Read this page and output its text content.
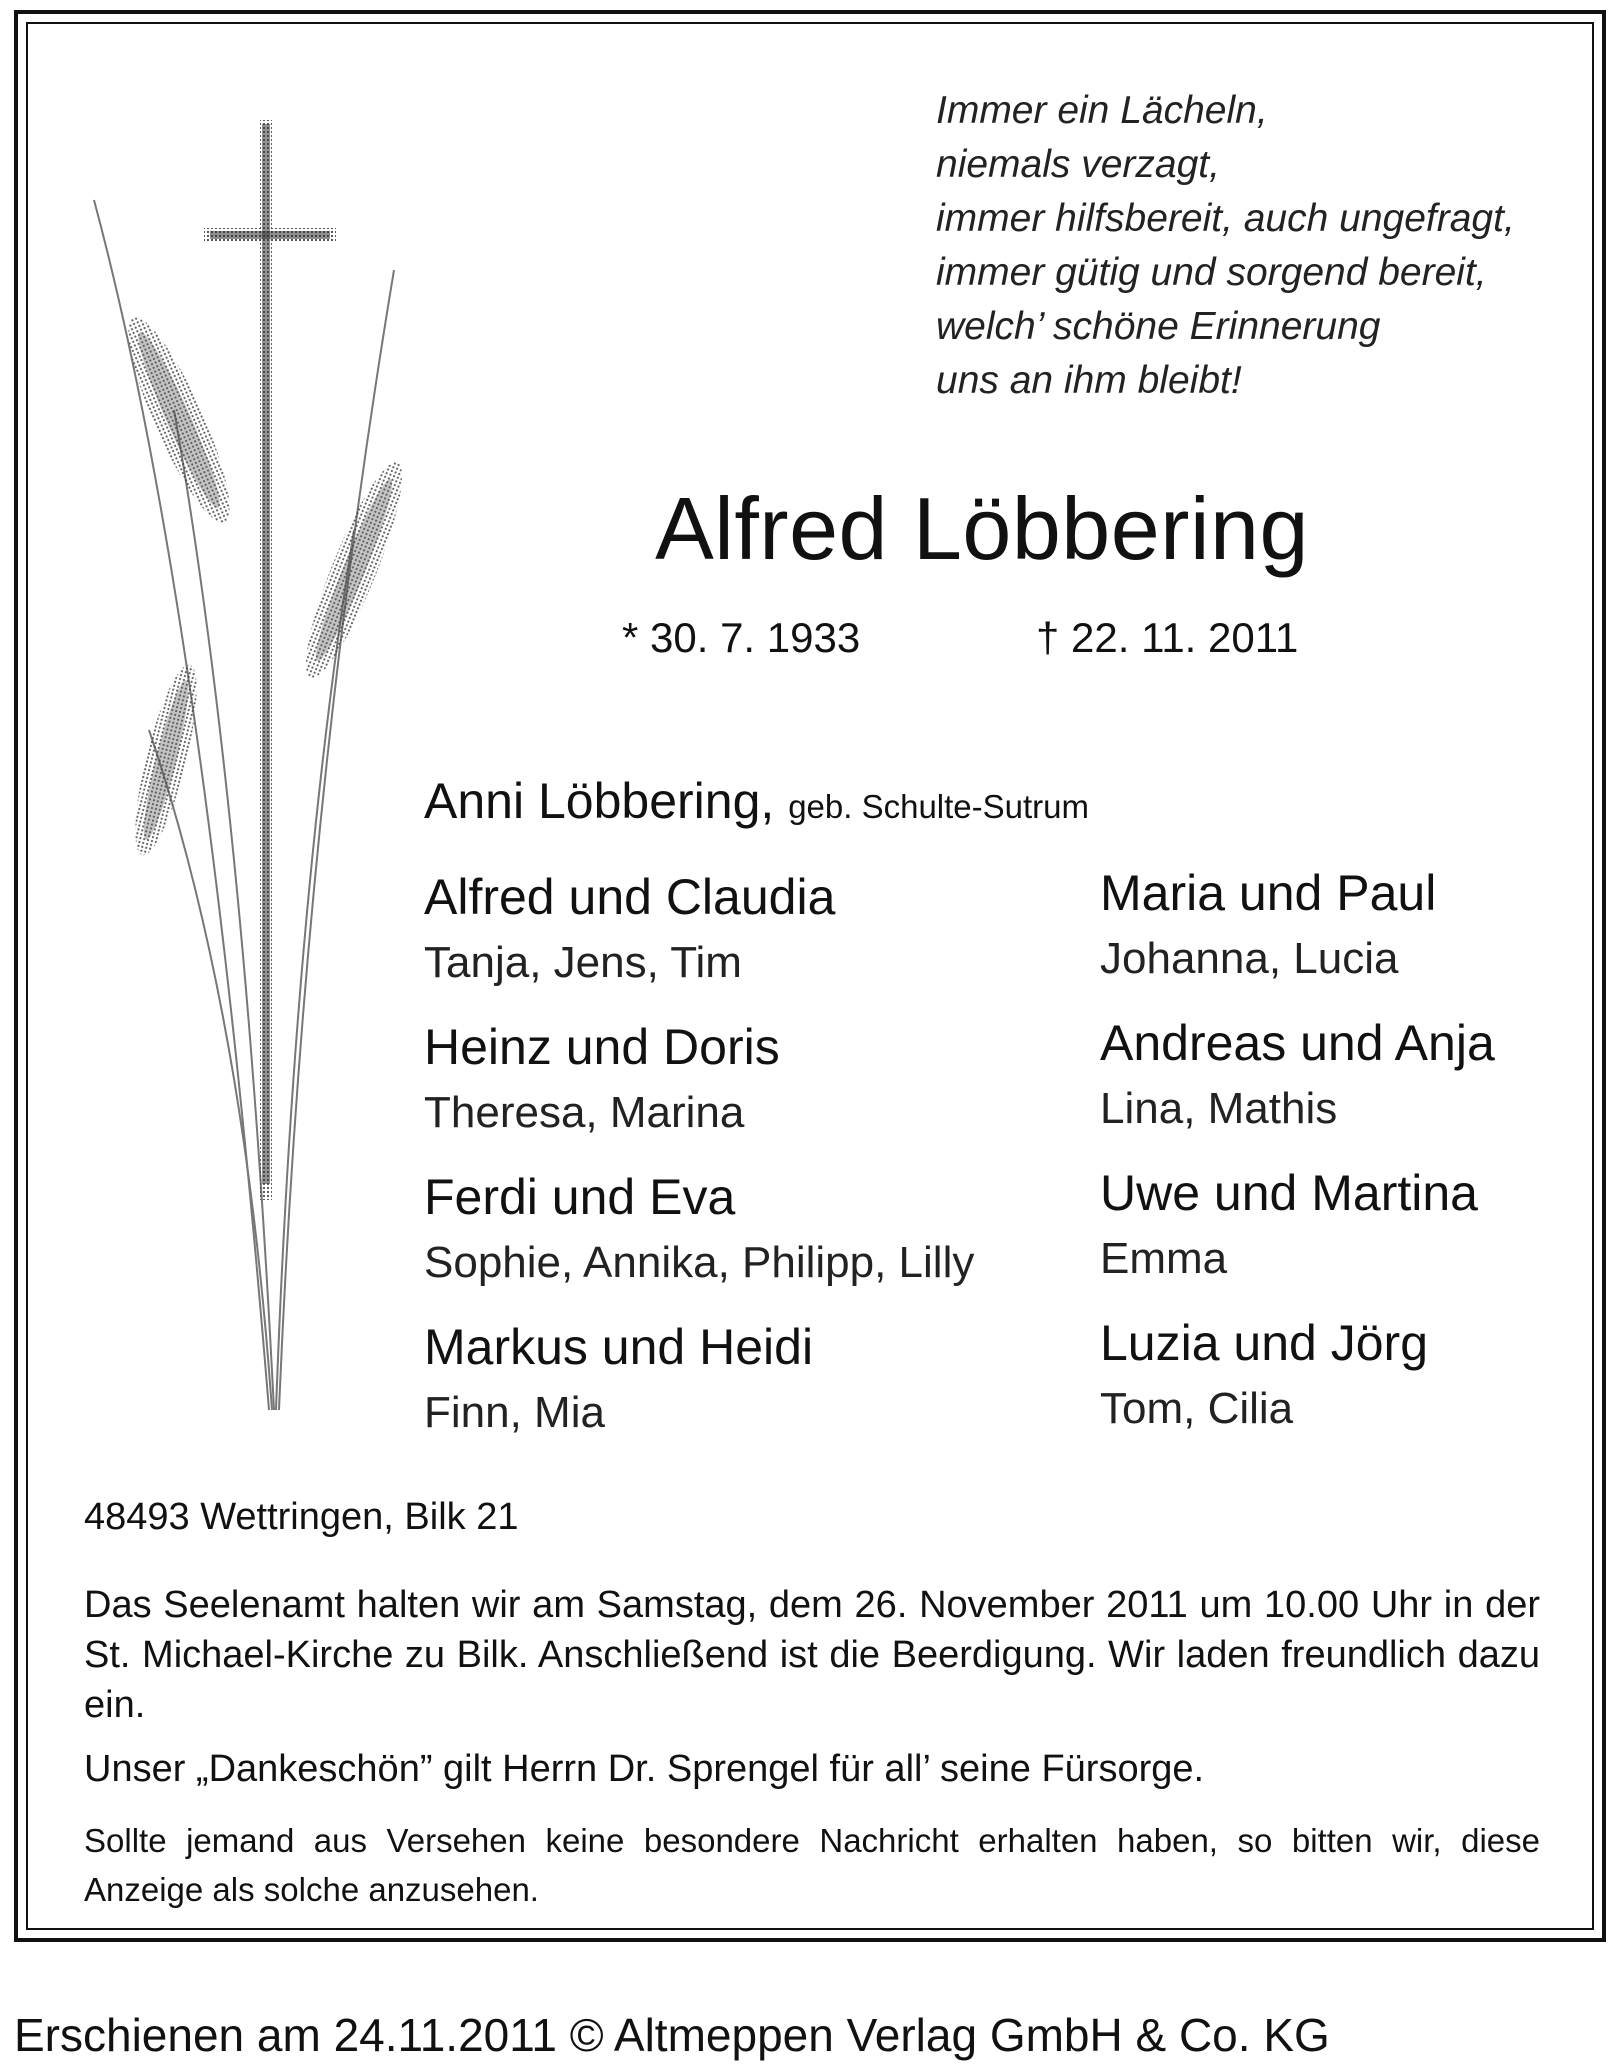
Immer ein Lächeln,
niemals verzagt,
immer hilfsbereit, auch ungefragt,
immer gütig und sorgend bereit,
welch’ schöne Erinnerung
uns an ihm bleibt!
Alfred Löbbering
* 30. 7. 1933	† 22. 11. 2011
Anni Löbbering, geb. Schulte-Sutrum
Alfred und Claudia
Tanja, Jens, Tim
Heinz und Doris
Theresa, Marina
Ferdi und Eva
Sophie, Annika, Philipp, Lilly
Markus und Heidi
Finn, Mia
Maria und Paul
Johanna, Lucia
Andreas und Anja
Lina, Mathis
Uwe und Martina
Emma
Luzia und Jörg
Tom, Cilia
48493 Wettringen, Bilk 21
Das Seelenamt halten wir am Samstag, dem 26. November 2011 um 10.00 Uhr in der St. Michael-Kirche zu Bilk. Anschließend ist die Beerdigung. Wir laden freundlich dazu ein.
Unser „Dankeschön” gilt Herrn Dr. Sprengel für all’ seine Fürsorge.
Sollte jemand aus Versehen keine besondere Nachricht erhalten haben, so bitten wir, diese Anzeige als solche anzusehen.
Erschienen am 24.11.2011 © Altmeppen Verlag GmbH & Co. KG
